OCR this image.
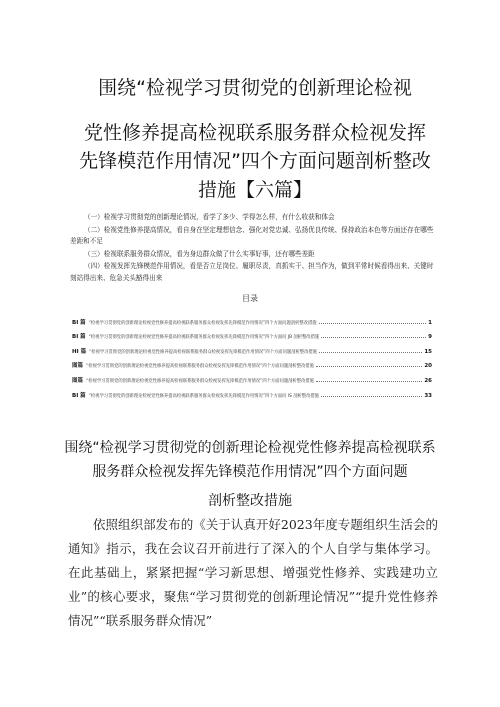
围绕“检视学习贯彻党的创新理论检视
党性修养提高检视联系服务群众检视发挥
先锋模范作用情况”四个方面问题剖析整改
措施【六篇】

（一）检视学习贯彻党的创新理论情况，看学了多少、学得怎么样，有什么收获和体会

（二）检视党性修养提高情况，看自身在坚定理想信念、强化对党忠诚、弘扬优良传统、保持政治本色等方面还存在哪些差距和不足

（三）检视联系服务群众情况，看为身边群众做了什么实事好事，还有哪些差距

（四）检视发挥先锋模范作用情况，看是否立足岗位、履职尽责，真抓实干、担当作为，做到平常时候看得出来、关键时刻站得出来、危急关头豁得出来

目录
BI 篇 “检视学习贯彻党的创新理论检视党性修养提高检视联系服务群众检视发挥先锋模范作用情况”四个方面问题剖析整改措施	1
BI 篇 “检视学习贯彻党的创新理论检视党性修养提高检视联系服务群众检视发挥先锋模范作用情况”四个方面问 JB 剖析整改措施	9
HI 篇 “检视学习贯彻党的创新理论检视党性修养提高检视联系服务群众检视发挥先锋模范作用情况”四个方面问题剖析整改措施	15
图篇 “检视学习贯彻党的创新理论检视党性修养提高检视联系服务群众检视发挥先锋模范作用情况”四个方面问题剖析整改措施	20
图篇 “检视学习贯彻党的创新理论检视党性修养提高检视联系服务群众检视发挥先锋模范作用情况”四个方面问题剖析整改措施	26
BI 篇 “检视学习贯彻党的创新理论检视党性修养提高检视联系服务群众检视发挥先锋模范作用情况”四个方面问 IS 剖析整改措施	33
围绕“检视学习贯彻党的创新理论检视党性修养提高检视联系
服务群众检视发挥先锋模范作用情况”四个方面问题
剖析整改措施

依照组织部发布的《关于认真开好2023年度专题组织生活会的通知》指示，我在会议召开前进行了深入的个人自学与集体学习。在此基础上，紧紧把握“学习新思想、增强党性修养、实践建功立业”的核心要求，聚焦“学习贯彻党的创新理论情况”“提升党性修养情况”“联系服务群众情况”
